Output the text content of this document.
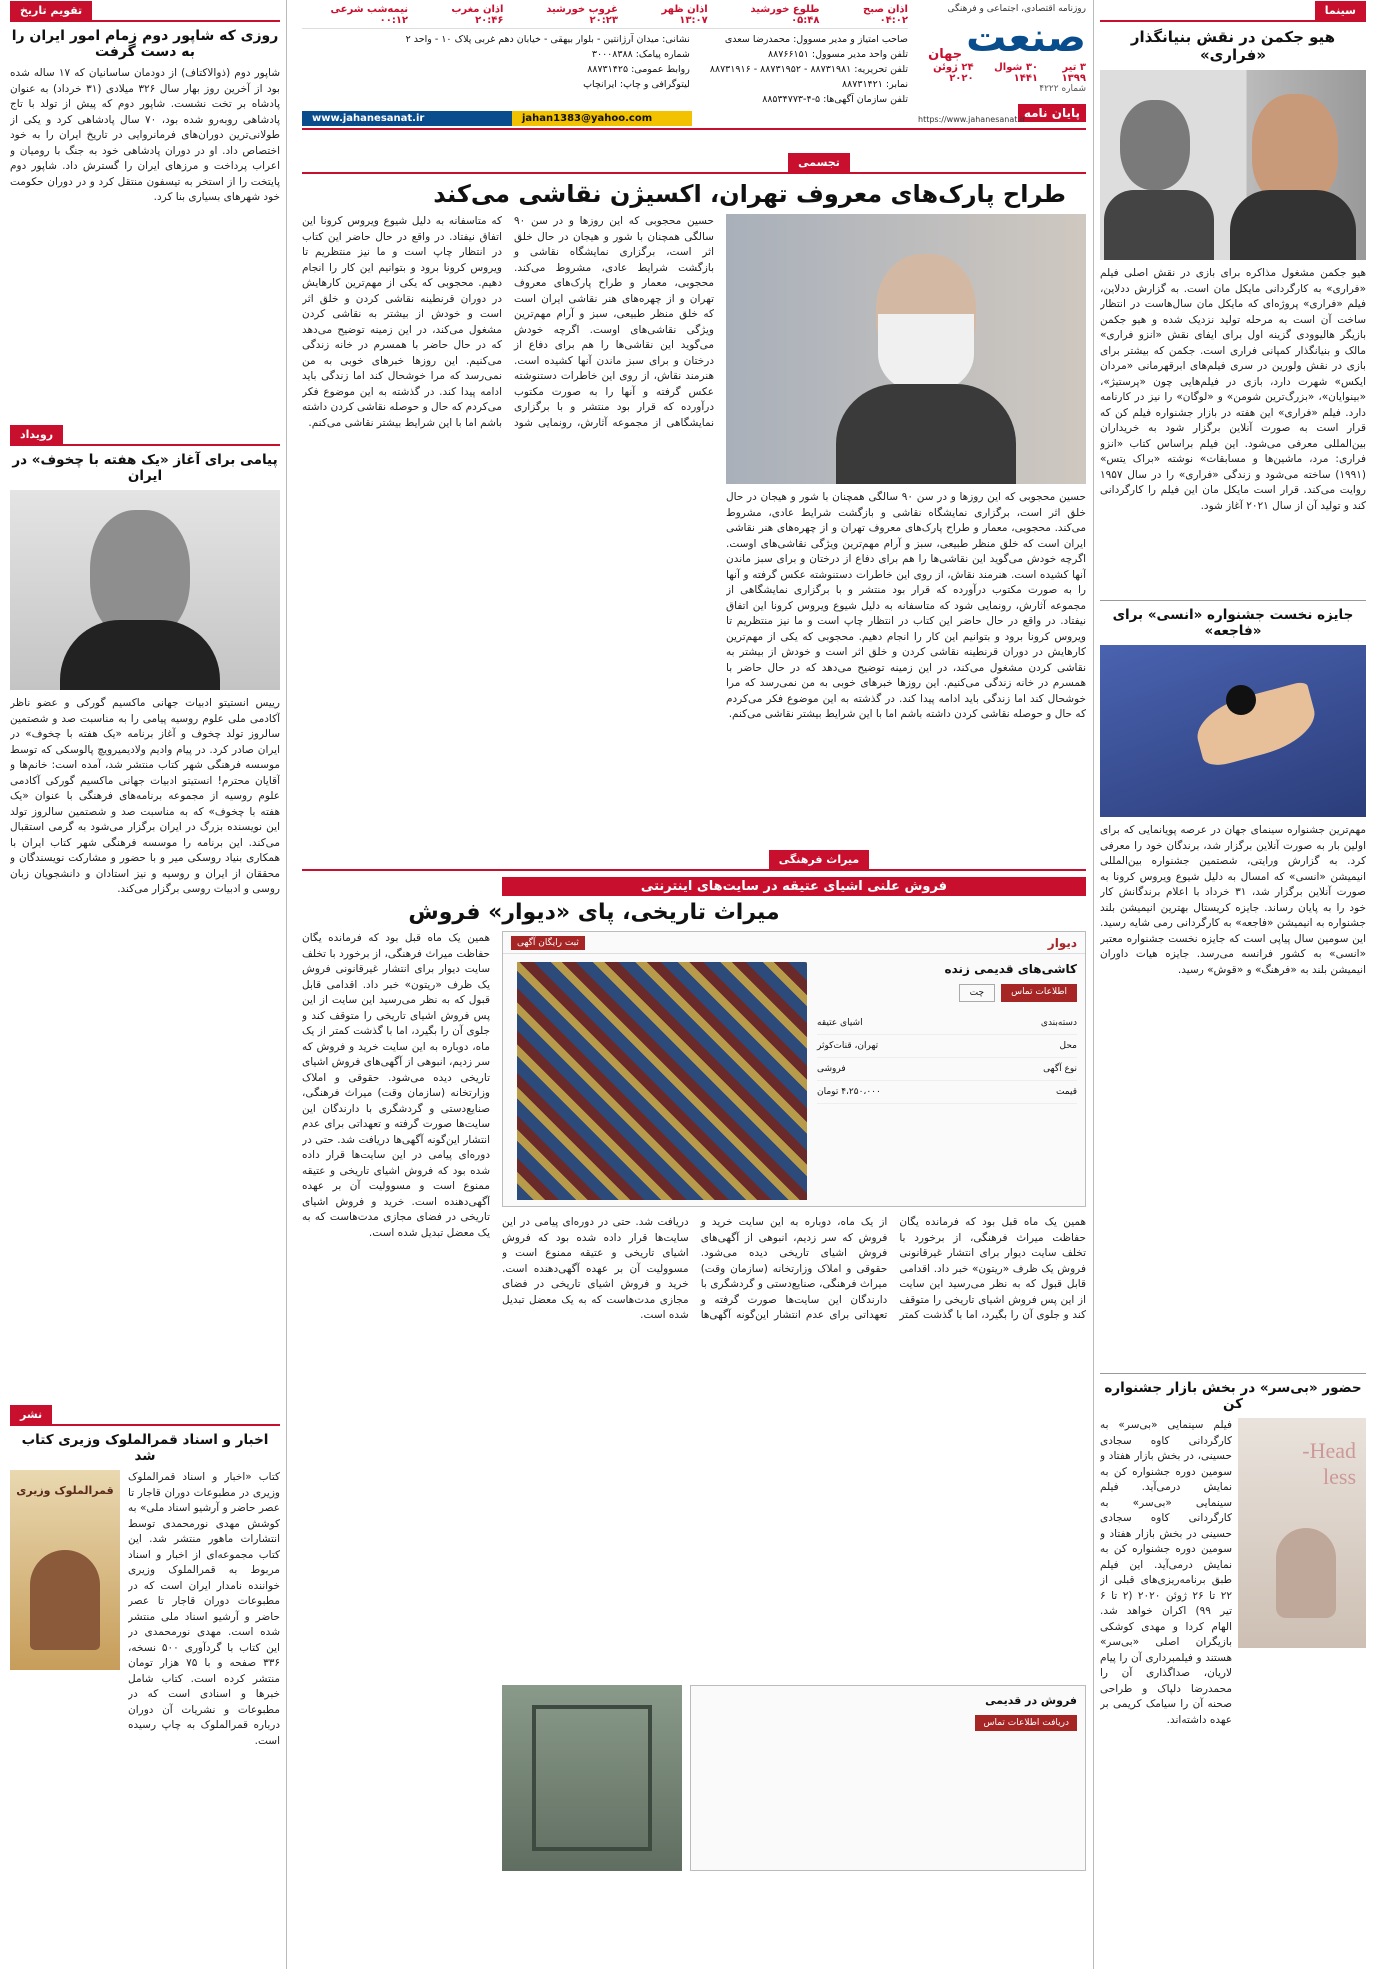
سینما
هیو جکمن در نقش بنیانگذار «فراری»

هیو جکمن مشغول مذاکره برای بازی در نقش اصلی فیلم «فراری» به کارگردانی مایکل مان است. به گزارش ددلاین، فیلم «فراری» پروژه‌ای که مایکل مان سال‌هاست در انتظار ساخت آن است به مرحله تولید نزدیک شده و هیو جکمن بازیگر هالیوودی گزینه اول برای ایفای نقش «انزو فراری» مالک و بنیانگذار کمپانی فراری است. جکمن که بیشتر برای بازی در نقش ولورین در سری فیلم‌های ابرقهرمانی «مردان ایکس» شهرت دارد، بازی در فیلم‌هایی چون «پرستیژ»، «بینوایان»، «بزرگ‌ترین شومن» و «لوگان» را نیز در کارنامه دارد. فیلم «فراری» این هفته در بازار جشنواره فیلم کن که قرار است به صورت آنلاین برگزار شود به خریداران بین‌المللی معرفی می‌شود. این فیلم براساس کتاب «انزو فراری: مرد، ماشین‌ها و مسابقات» نوشته «براک یتس» (۱۹۹۱) ساخته می‌شود و زندگی «فراری» را در سال ۱۹۵۷ روایت می‌کند. قرار است مایکل مان این فیلم را کارگردانی کند و تولید آن از سال ۲۰۲۱ آغاز شود.

جایزه نخست جشنواره «انسی» برای «فاجعه»

مهم‌ترین جشنواره سینمای جهان در عرصه پویانمایی که برای اولین بار به صورت آنلاین برگزار شد، برندگان خود را معرفی کرد. به گزارش ورایتی، شصتمین جشنواره بین‌المللی انیمیشن «انسی» که امسال به دلیل شیوع ویروس کرونا به صورت آنلاین برگزار شد، ۳۱ خرداد با اعلام برندگانش کار خود را به پایان رساند. جایزه کریستال بهترین انیمیشن بلند جشنواره به انیمیشن «فاجعه» به کارگردانی رمی شایه رسید. این سومین سال پیاپی است که جایزه نخست جشنواره معتبر «انسی» به کشور فرانسه می‌رسد. جایزه هیات داوران انیمیشن بلند به «فرهنگ» و «قوش» رسید.

حضور «بی‌سر» در بخش بازار جشنواره کن
Head-
less

فیلم سینمایی «بی‌سر» به کارگردانی کاوه سجادی حسینی، در بخش بازار هفتاد و سومین دوره جشنواره کن به نمایش درمی‌آید. فیلم سینمایی «بی‌سر» به کارگردانی کاوه سجادی حسینی در بخش بازار هفتاد و سومین دوره جشنواره کن به نمایش درمی‌آید. این فیلم طبق برنامه‌ریزی‌های قبلی از ۲۲ تا ۲۶ ژوئن ۲۰۲۰ (۲ تا ۶ تیر ۹۹) اکران خواهد شد. الهام کردا و مهدی کوشکی بازیگران اصلی «بی‌سر» هستند و فیلمبرداری آن را پیام لاریان، صداگذاری آن را محمدرضا دلپاک و طراحی صحنه آن را سیامک کریمی بر عهده داشته‌اند.

روزنامه اقتصادی، اجتماعی و فرهنگی
صنعت
جهان
۳ تیر ۱۳۹۹
۳۰ شوال ۱۴۴۱
۲۴ ژوئن ۲۰۲۰
شماره ۴۲۲۲
پایان نامه
https://www.jahanesanat.ir
اذان صبح ۰۴:۰۲
طلوع خورشید ۰۵:۴۸
اذان ظهر ۱۳:۰۷
غروب خورشید ۲۰:۲۳
اذان مغرب ۲۰:۴۶
نیمه‌شب شرعی ۰۰:۱۲
صاحب امتیاز و مدیر مسوول: محمدرضا سعدی
تلفن واحد مدیر مسوول: ۸۸۷۶۶۱۵۱
تلفن تحریریه: ۸۸۷۳۱۹۸۱ - ۸۸۷۳۱۹۵۲ - ۸۸۷۳۱۹۱۶
نمابر: ۸۸۷۳۱۴۲۱
تلفن سازمان آگهی‌ها: ۵-۴-۸۸۵۳۴۷۷۳
نشانی: میدان آرژانتین - بلوار بیهقی - خیابان دهم غربی پلاک ۱۰ - واحد ۲
شماره پیامک: ۳۰۰۰۸۳۸۸
روابط عمومی: ۸۸۷۳۱۴۲۵
لیتوگرافی و چاپ: ایرانچاپ
www.jahanesanat.ir	jahan1383@yahoo.com
تجسمی
طراح پارک‌های معروف تهران، اکسیژن نقاشی می‌کند

حسین محجوبی که این روزها و در سن ۹۰ سالگی همچنان با شور و هیجان در حال خلق اثر است، برگزاری نمایشگاه نقاشی و بازگشت شرایط عادی، مشروط می‌کند. محجوبی، معمار و طراح پارک‌های معروف تهران و از چهره‌های هنر نقاشی ایران است که خلق منظر طبیعی، سبز و آرام مهم‌ترین ویژگی نقاشی‌های اوست. اگرچه خودش می‌گوید این نقاشی‌ها را هم برای دفاع از درختان و برای سبز ماندن آنها کشیده است. هنرمند نقاش، از روی این خاطرات دستنوشته عکس گرفته و آنها را به صورت مکتوب درآورده که قرار بود منتشر و با برگزاری نمایشگاهی از مجموعه آثارش، رونمایی شود که متاسفانه به دلیل شیوع ویروس کرونا این اتفاق نیفتاد. در واقع در حال حاضر این کتاب در انتظار چاپ است و ما نیز منتظریم تا ویروس کرونا برود و بتوانیم این کار را انجام دهیم. محجوبی که یکی از مهم‌ترین کارهایش در دوران قرنطینه نقاشی کردن و خلق اثر است و خودش از بیشتر به نقاشی کردن مشغول می‌کند، در این زمینه توضیح می‌دهد که در حال حاضر با همسرم در خانه زندگی می‌کنیم. این روزها خبرهای خوبی به من نمی‌رسد که مرا خوشحال کند اما زندگی باید ادامه پیدا کند. در گذشته به این موضوع فکر می‌کردم که حال و حوصله نقاشی کردن داشته باشم اما با این شرایط بیشتر نقاشی می‌کنم.

حسین محجوبی که این روزها و در سن ۹۰ سالگی همچنان با شور و هیجان در حال خلق اثر است، برگزاری نمایشگاه نقاشی و بازگشت شرایط عادی، مشروط می‌کند. محجوبی، معمار و طراح پارک‌های معروف تهران و از چهره‌های هنر نقاشی ایران است که خلق منظر طبیعی، سبز و آرام مهم‌ترین ویژگی نقاشی‌های اوست. اگرچه خودش می‌گوید این نقاشی‌ها را هم برای دفاع از درختان و برای سبز ماندن آنها کشیده است. هنرمند نقاش، از روی این خاطرات دستنوشته عکس گرفته و آنها را به صورت مکتوب درآورده که قرار بود منتشر و با برگزاری نمایشگاهی از مجموعه آثارش، رونمایی شود که متاسفانه به دلیل شیوع ویروس کرونا این اتفاق نیفتاد. در واقع در حال حاضر این کتاب در انتظار چاپ است و ما نیز منتظریم تا ویروس کرونا برود و بتوانیم این کار را انجام دهیم. محجوبی که یکی از مهم‌ترین کارهایش در دوران قرنطینه نقاشی کردن و خلق اثر است و خودش از بیشتر به نقاشی کردن مشغول می‌کند، در این زمینه توضیح می‌دهد که در حال حاضر با همسرم در خانه زندگی می‌کنیم. این روزها خبرهای خوبی به من نمی‌رسد که مرا خوشحال کند اما زندگی باید ادامه پیدا کند. در گذشته به این موضوع فکر می‌کردم که حال و حوصله نقاشی کردن داشته باشم اما با این شرایط بیشتر نقاشی می‌کنم.

میراث فرهنگی
فروش علنی اشیای عتیقه در سایت‌های اینترنتی
میراث تاریخی، پای «دیوار» فروش
دیوار
ثبت رایگان آگهی
کاشی‌های قدیمی زنده
اطلاعات تماس
چت
دسته‌بندی
اشیای عتیقه
محل
تهران، قنات‌کوثر
نوع آگهی
فروشی
قیمت
۴،۲۵۰،۰۰۰ تومان

همین یک ماه قبل بود که فرمانده یگان حفاظت میراث فرهنگی، از برخورد با تخلف سایت دیوار برای انتشار غیرقانونی فروش یک ظرف «ریتون» خبر داد. اقدامی قابل قبول که به نظر می‌رسید این سایت از این پس فروش اشیای تاریخی را متوقف کند و جلوی آن را بگیرد، اما با گذشت کمتر از یک ماه، دوباره به این سایت خرید و فروش که سر زدیم، انبوهی از آگهی‌های فروش اشیای تاریخی دیده می‌شود. حقوقی و املاک وزارتخانه (سازمان وقت) میراث فرهنگی، صنایع‌دستی و گردشگری با دارندگان این سایت‌ها صورت گرفته و تعهداتی برای عدم انتشار این‌گونه آگهی‌ها دریافت شد. حتی در دوره‌ای پیامی در این سایت‌ها قرار داده شده بود که فروش اشیای تاریخی و عتیقه ممنوع است و مسوولیت آن بر عهده آگهی‌دهنده است. خرید و فروش اشیای تاریخی در فضای مجازی مدت‌هاست که به یک معضل تبدیل شده است.

فروش در قدیمی
دریافت اطلاعات تماس

همین یک ماه قبل بود که فرمانده یگان حفاظت میراث فرهنگی، از برخورد با تخلف سایت دیوار برای انتشار غیرقانونی فروش یک ظرف «ریتون» خبر داد. اقدامی قابل قبول که به نظر می‌رسید این سایت از این پس فروش اشیای تاریخی را متوقف کند و جلوی آن را بگیرد، اما با گذشت کمتر از یک ماه، دوباره به این سایت خرید و فروش که سر زدیم، انبوهی از آگهی‌های فروش اشیای تاریخی دیده می‌شود. حقوقی و املاک وزارتخانه (سازمان وقت) میراث فرهنگی، صنایع‌دستی و گردشگری با دارندگان این سایت‌ها صورت گرفته و تعهداتی برای عدم انتشار این‌گونه آگهی‌ها دریافت شد. حتی در دوره‌ای پیامی در این سایت‌ها قرار داده شده بود که فروش اشیای تاریخی و عتیقه ممنوع است و مسوولیت آن بر عهده آگهی‌دهنده است. خرید و فروش اشیای تاریخی در فضای مجازی مدت‌هاست که به یک معضل تبدیل شده است.

تقویم تاریخ
روزی که شاپور دوم زمام امور ایران را به دست گرفت

شاپور دوم (ذوالاکتاف) از دودمان ساسانیان که ۱۷ ساله شده بود از آخرین روز بهار سال ۳۲۶ میلادی (۳۱ خرداد) به عنوان پادشاه بر تخت نشست. شاپور دوم که پیش از تولد با تاج پادشاهی روبه‌رو شده بود، ۷۰ سال پادشاهی کرد و یکی از طولانی‌ترین دوران‌های فرمانروایی در تاریخ ایران را به خود اختصاص داد. او در دوران پادشاهی خود به جنگ با رومیان و اعراب پرداخت و مرزهای ایران را گسترش داد. شاپور دوم پایتخت را از استخر به تیسفون منتقل کرد و در دوران حکومت خود شهرهای بسیاری بنا کرد.

رویداد
پیامی برای آغاز «یک هفته با چخوف» در ایران

رییس انستیتو ادبیات جهانی ماکسیم گورکی و عضو ناظر آکادمی ملی علوم روسیه پیامی را به مناسبت صد و شصتمین سالروز تولد چخوف و آغاز برنامه «یک هفته با چخوف» در ایران صادر کرد. در پیام وادیم ولادیمیرویچ پالوسکی که توسط موسسه فرهنگی شهر کتاب منتشر شد، آمده است: خانم‌ها و آقایان محترم! انستیتو ادبیات جهانی ماکسیم گورکی آکادمی علوم روسیه از مجموعه برنامه‌های فرهنگی با عنوان «یک هفته با چخوف» که به مناسبت صد و شصتمین سالروز تولد این نویسنده بزرگ در ایران برگزار می‌شود به گرمی استقبال می‌کند. این برنامه را موسسه فرهنگی شهر کتاب ایران با همکاری بنیاد روسکی میر و با حضور و مشارکت نویسندگان و محققان از ایران و روسیه و نیز استادان و دانشجویان زبان روسی و ادبیات روسی برگزار می‌کند.

نشر
اخبار و اسناد قمرالملوک وزیری کتاب شد

کتاب «اخبار و اسناد قمرالملوک وزیری در مطبوعات دوران قاجار تا عصر حاضر و آرشیو اسناد ملی» به کوشش مهدی نورمحمدی توسط انتشارات ماهور منتشر شد. این کتاب مجموعه‌ای از اخبار و اسناد مربوط به قمرالملوک وزیری خواننده نامدار ایران است که در مطبوعات دوران قاجار تا عصر حاضر و آرشیو اسناد ملی منتشر شده است. مهدی نورمحمدی در این کتاب با گردآوری ۵۰۰ نسخه، ۳۳۶ صفحه و با ۷۵ هزار تومان منتشر کرده است. کتاب شامل خبرها و اسنادی است که در مطبوعات و نشریات آن دوران درباره قمرالملوک به چاپ رسیده است.

قمرالملوک وزیری
